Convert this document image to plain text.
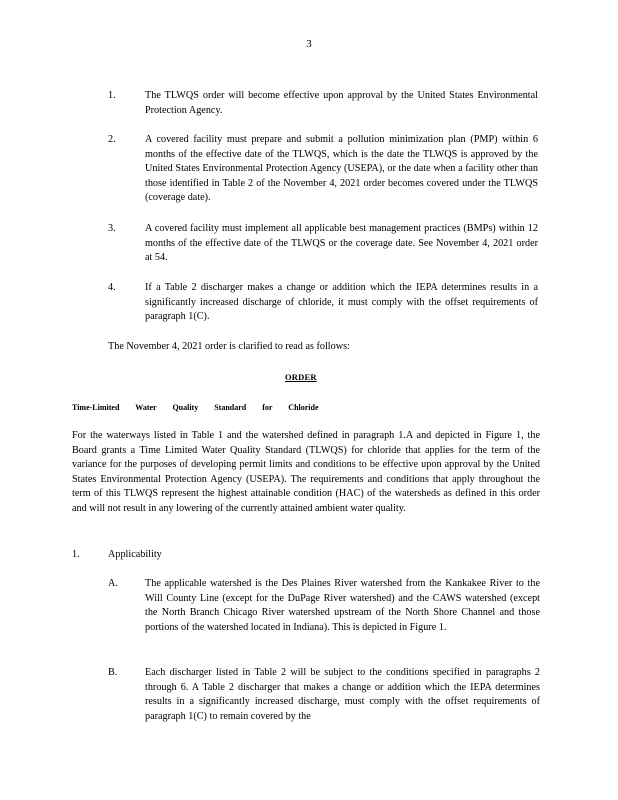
3
1.	The TLWQS order will become effective upon approval by the United States Environmental Protection Agency.
2.	A covered facility must prepare and submit a pollution minimization plan (PMP) within 6 months of the effective date of the TLWQS, which is the date the TLWQS is approved by the United States Environmental Protection Agency (USEPA), or the date when a facility other than those identified in Table 2 of the November 4, 2021 order becomes covered under the TLWQS (coverage date).
3.	A covered facility must implement all applicable best management practices (BMPs) within 12 months of the effective date of the TLWQS or the coverage date. See November 4, 2021 order at 54.
4.	If a Table 2 discharger makes a change or addition which the IEPA determines results in a significantly increased discharge of chloride, it must comply with the offset requirements of paragraph 1(C).
The November 4, 2021 order is clarified to read as follows:
ORDER
Time-Limited Water Quality Standard for Chloride
For the waterways listed in Table 1 and the watershed defined in paragraph 1.A and depicted in Figure 1, the Board grants a Time Limited Water Quality Standard (TLWQS) for chloride that applies for the term of the variance for the purposes of developing permit limits and conditions to be effective upon approval by the United States Environmental Protection Agency (USEPA). The requirements and conditions that apply throughout the term of this TLWQS represent the highest attainable condition (HAC) of the watersheds as defined in this order and will not result in any lowering of the currently attained ambient water quality.
1.	Applicability
A.	The applicable watershed is the Des Plaines River watershed from the Kankakee River to the Will County Line (except for the DuPage River watershed) and the CAWS watershed (except the North Branch Chicago River watershed upstream of the North Shore Channel and those portions of the watershed located in Indiana). This is depicted in Figure 1.
B.	Each discharger listed in Table 2 will be subject to the conditions specified in paragraphs 2 through 6. A Table 2 discharger that makes a change or addition which the IEPA determines results in a significantly increased discharge, must comply with the offset requirements of paragraph 1(C) to remain covered by the
